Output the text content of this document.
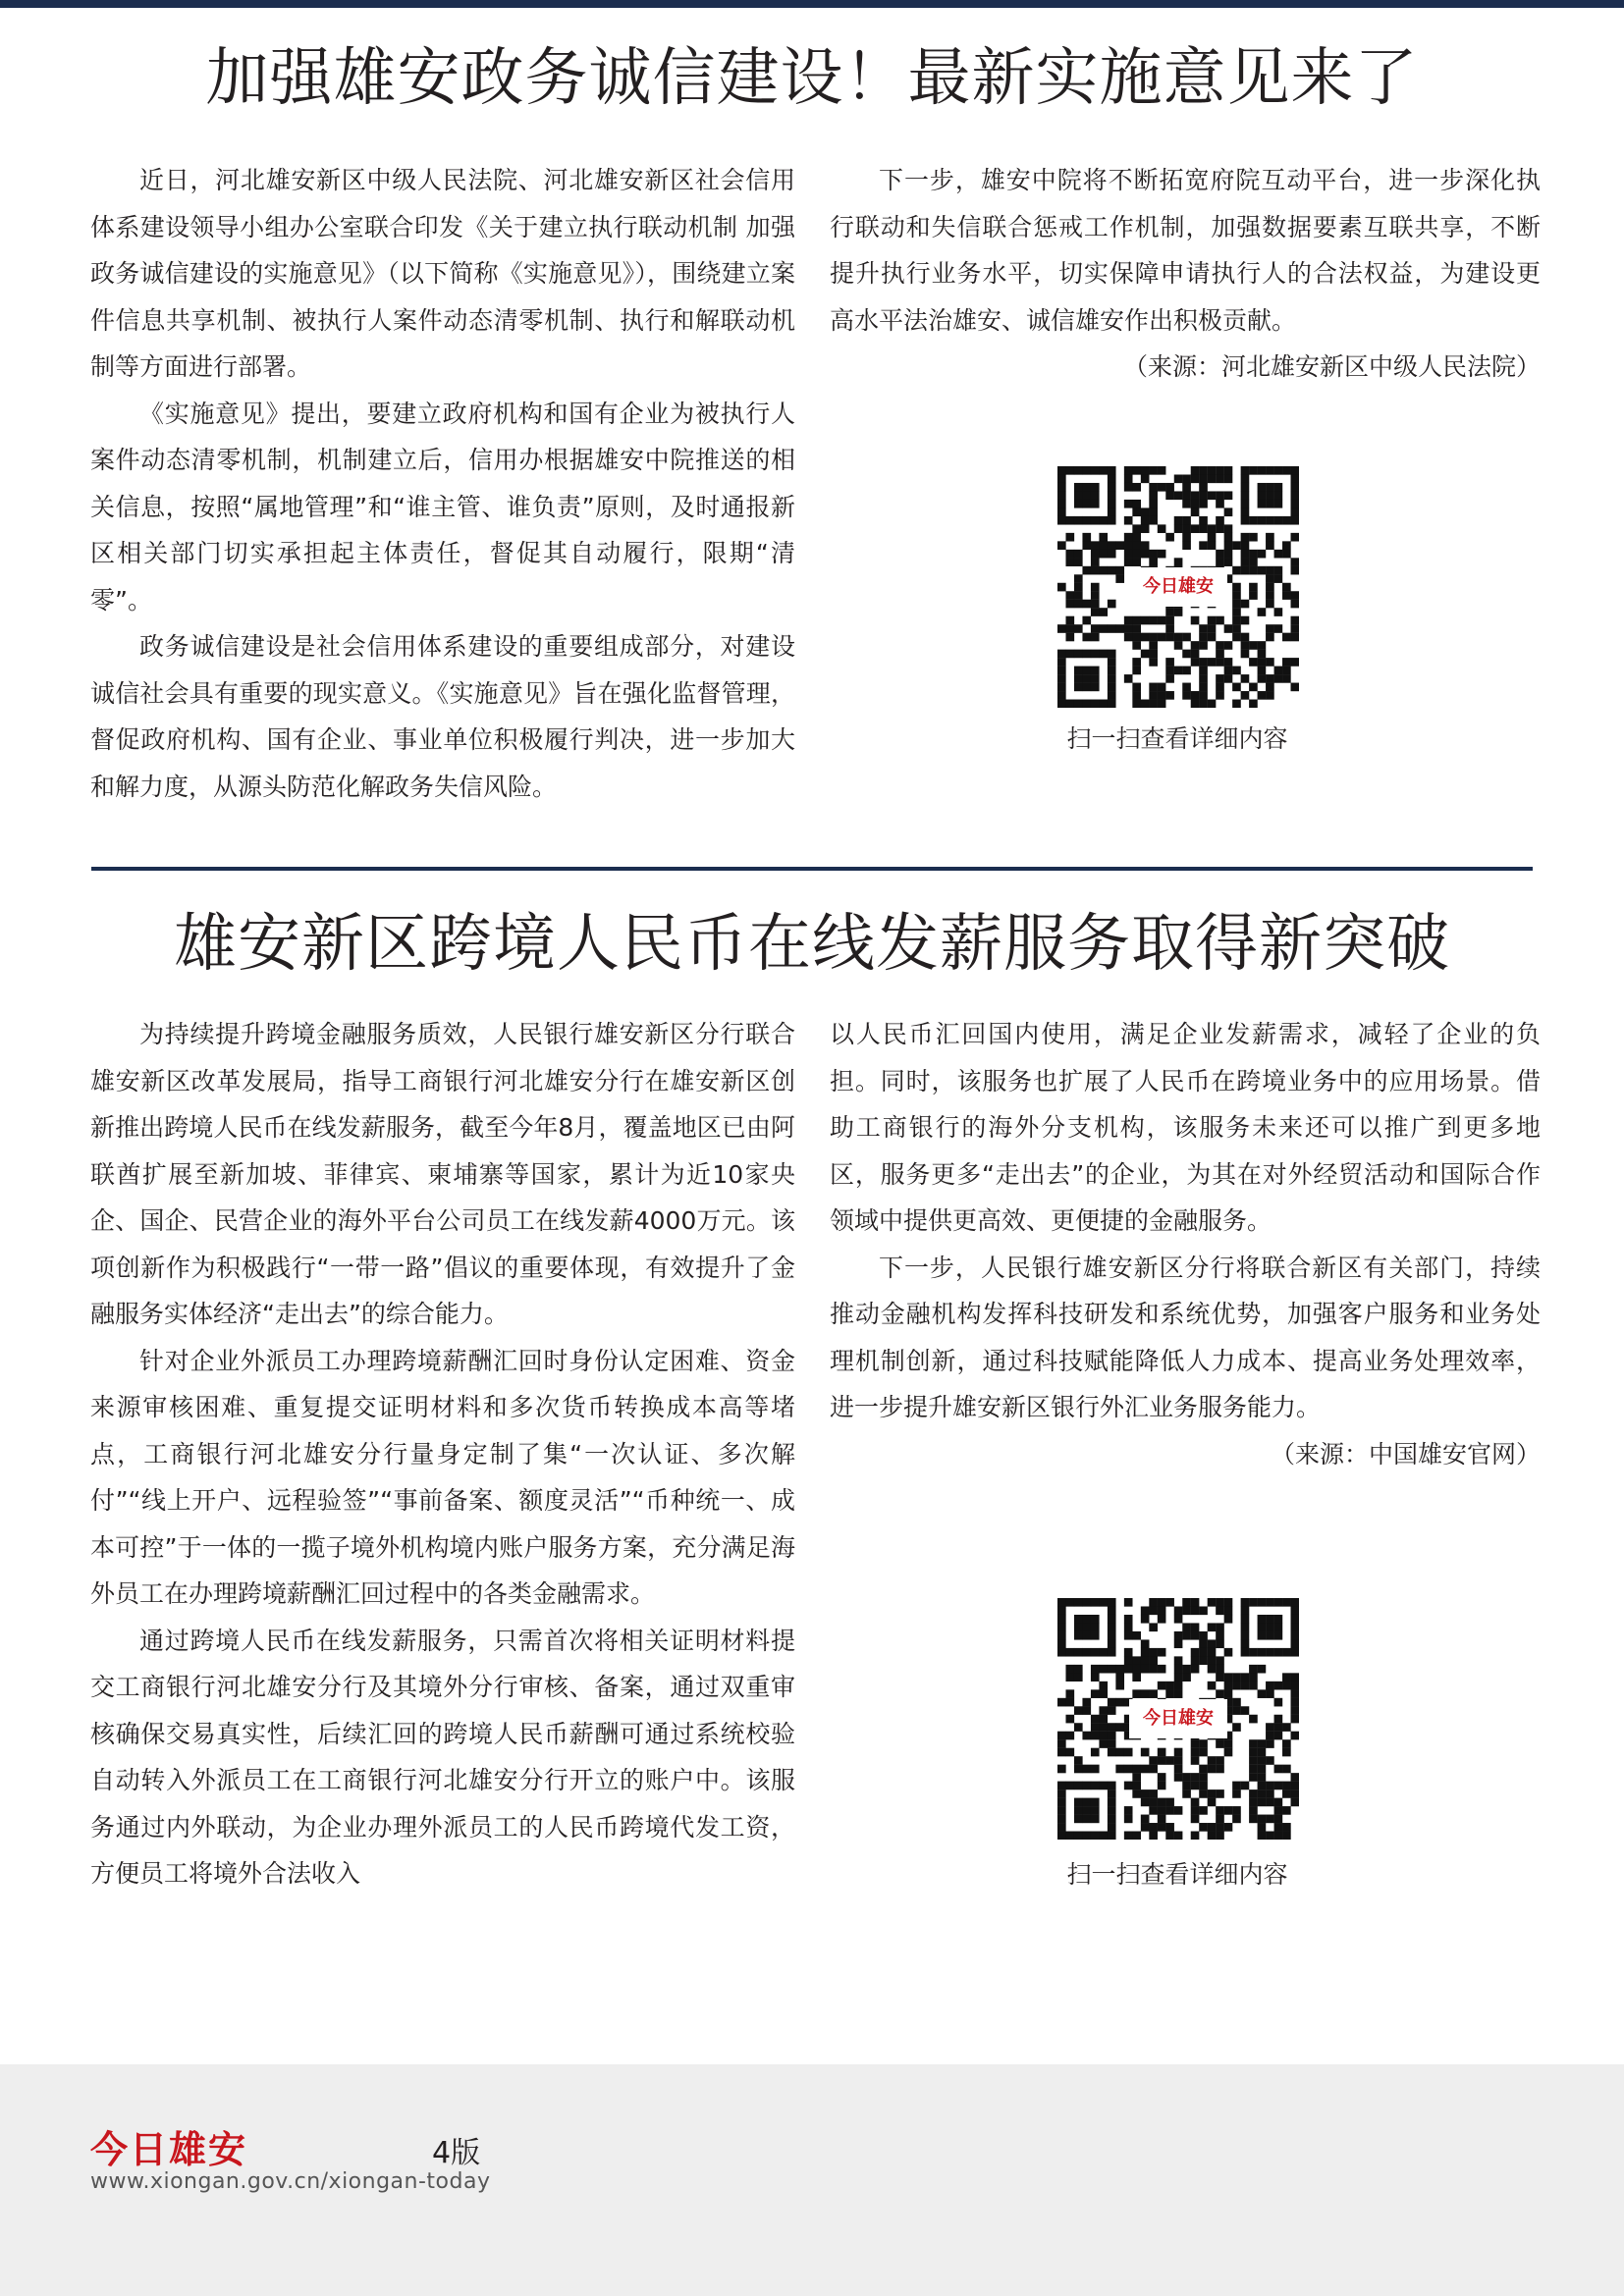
加强雄安政务诚信建设！最新实施意见来了

近日，河北雄安新区中级人民法院、河北雄安新区社会信用体系建设领导小组办公室联合印发《关于建立执行联动机制 加强政务诚信建设的实施意见》（以下简称《实施意见》），围绕建立案件信息共享机制、被执行人案件动态清零机制、执行和解联动机制等方面进行部署。

《实施意见》提出，要建立政府机构和国有企业为被执行人案件动态清零机制，机制建立后，信用办根据雄安中院推送的相关信息，按照“属地管理”和“谁主管、谁负责”原则，及时通报新区相关部门切实承担起主体责任，督促其自动履行，限期“清零”。

政务诚信建设是社会信用体系建设的重要组成部分，对建设诚信社会具有重要的现实意义。《实施意见》旨在强化监督管理，督促政府机构、国有企业、事业单位积极履行判决，进一步加大和解力度，从源头防范化解政务失信风险。

下一步，雄安中院将不断拓宽府院互动平台，进一步深化执行联动和失信联合惩戒工作机制，加强数据要素互联共享，不断提升执行业务水平，切实保障申请执行人的合法权益，为建设更高水平法治雄安、诚信雄安作出积极贡献。
（来源：河北雄安新区中级人民法院）

今日雄安
扫一扫查看详细内容
雄安新区跨境人民币在线发薪服务取得新突破

为持续提升跨境金融服务质效，人民银行雄安新区分行联合雄安新区改革发展局，指导工商银行河北雄安分行在雄安新区创新推出跨境人民币在线发薪服务，截至今年8月，覆盖地区已由阿联酋扩展至新加坡、菲律宾、柬埔寨等国家，累计为近10家央企、国企、民营企业的海外平台公司员工在线发薪4000万元。该项创新作为积极践行“一带一路”倡议的重要体现，有效提升了金融服务实体经济“走出去”的综合能力。

针对企业外派员工办理跨境薪酬汇回时身份认定困难、资金来源审核困难、重复提交证明材料和多次货币转换成本高等堵点，工商银行河北雄安分行量身定制了集“一次认证、多次解付”“线上开户、远程验签”“事前备案、额度灵活”“币种统一、成本可控”于一体的一揽子境外机构境内账户服务方案，充分满足海外员工在办理跨境薪酬汇回过程中的各类金融需求。

通过跨境人民币在线发薪服务，只需首次将相关证明材料提交工商银行河北雄安分行及其境外分行审核、备案，通过双重审核确保交易真实性，后续汇回的跨境人民币薪酬可通过系统校验自动转入外派员工在工商银行河北雄安分行开立的账户中。该服务通过内外联动，为企业办理外派员工的人民币跨境代发工资，方便员工将境外合法收入

以人民币汇回国内使用，满足企业发薪需求，减轻了企业的负担。同时，该服务也扩展了人民币在跨境业务中的应用场景。借助工商银行的海外分支机构，该服务未来还可以推广到更多地区，服务更多“走出去”的企业，为其在对外经贸活动和国际合作领域中提供更高效、更便捷的金融服务。

下一步，人民银行雄安新区分行将联合新区有关部门，持续推动金融机构发挥科技研发和系统优势，加强客户服务和业务处理机制创新，通过科技赋能降低人力成本、提高业务处理效率，进一步提升雄安新区银行外汇业务服务能力。
（来源：中国雄安官网）

今日雄安
扫一扫查看详细内容
今日雄安	4版
www.xiongan.gov.cn/xiongan-today
